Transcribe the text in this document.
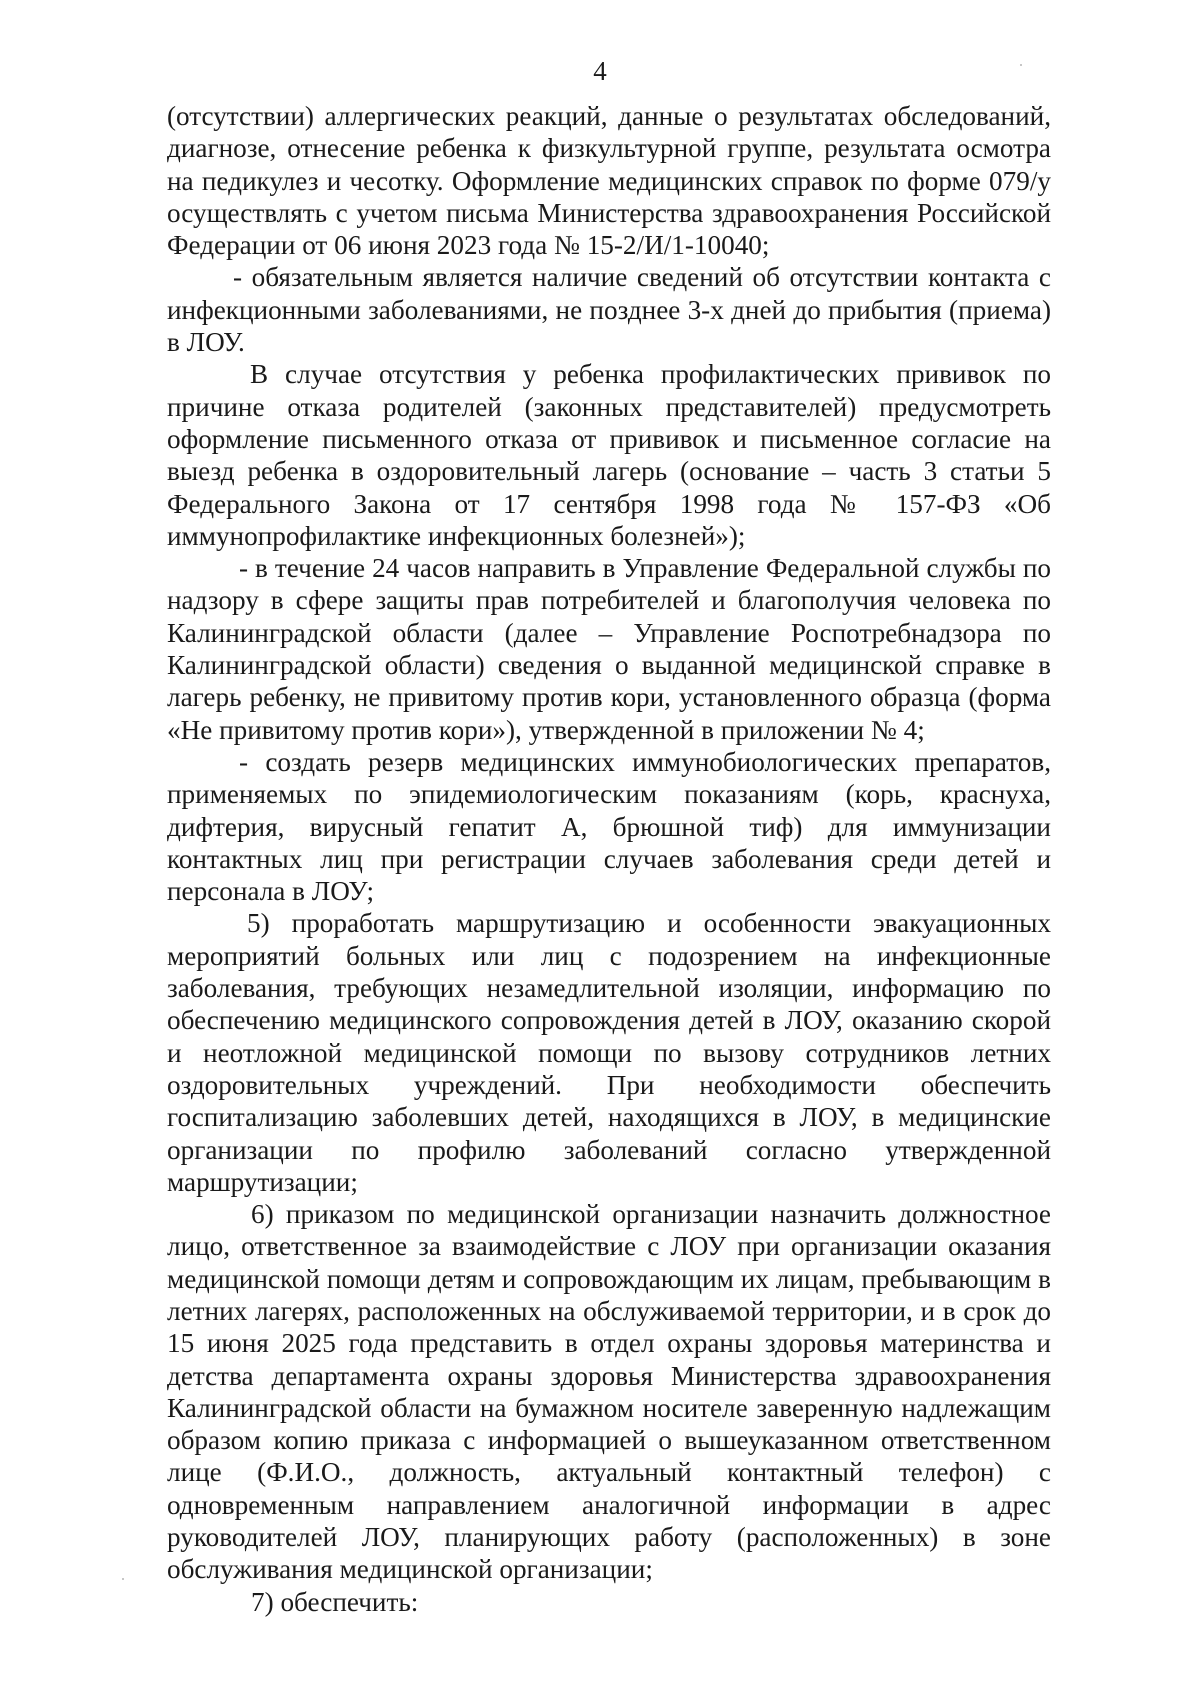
4

(отсутствии) аллергических реакций, данные о результатах обследований, диагнозе, отнесение ребенка к физкультурной группе, результата осмотра на педикулез и чесотку. Оформление медицинских справок по форме 079/у осуществлять с учетом письма Министерства здравоохранения Российской Федерации от 06 июня 2023 года № 15-2/И/1-10040;

- обязательным является наличие сведений об отсутствии контакта с инфекционными заболеваниями, не позднее 3-х дней до прибытия (приема) в ЛОУ.

В случае отсутствия у ребенка профилактических прививок по причине отказа родителей (законных представителей) предусмотреть оформление письменного отказа от прививок и письменное согласие на выезд ребенка в оздоровительный лагерь (основание – часть 3 статьи 5 Федерального Закона от 17 сентября 1998 года № 157-ФЗ «Об иммунопрофилактике инфекционных болезней»);

- в течение 24 часов направить в Управление Федеральной службы по надзору в сфере защиты прав потребителей и благополучия человека по Калининградской области (далее – Управление Роспотребнадзора по Калининградской области) сведения о выданной медицинской справке в лагерь ребенку, не привитому против кори, установленного образца (форма «Не привитому против кори»), утвержденной в приложении № 4;

- создать резерв медицинских иммунобиологических препаратов, применяемых по эпидемиологическим показаниям (корь, краснуха, дифтерия, вирусный гепатит А, брюшной тиф) для иммунизации контактных лиц при регистрации случаев заболевания среди детей и персонала в ЛОУ;

5) проработать маршрутизацию и особенности эвакуационных мероприятий больных или лиц с подозрением на инфекционные заболевания, требующих незамедлительной изоляции, информацию по обеспечению медицинского сопровождения детей в ЛОУ, оказанию скорой и неотложной медицинской помощи по вызову сотрудников летних оздоровительных учреждений. При необходимости обеспечить госпитализацию заболевших детей, находящихся в ЛОУ, в медицинские организации по профилю заболеваний согласно утвержденной маршрутизации;

6) приказом по медицинской организации назначить должностное лицо, ответственное за взаимодействие с ЛОУ при организации оказания медицинской помощи детям и сопровождающим их лицам, пребывающим в летних лагерях, расположенных на обслуживаемой территории, и в срок до 15 июня 2025 года представить в отдел охраны здоровья материнства и детства департамента охраны здоровья Министерства здравоохранения Калининградской области на бумажном носителе заверенную надлежащим образом копию приказа с информацией о вышеуказанном ответственном лице (Ф.И.О., должность, актуальный контактный телефон) с одновременным направлением аналогичной информации в адрес руководителей ЛОУ, планирующих работу (расположенных) в зоне обслуживания медицинской организации;

7) обеспечить:
